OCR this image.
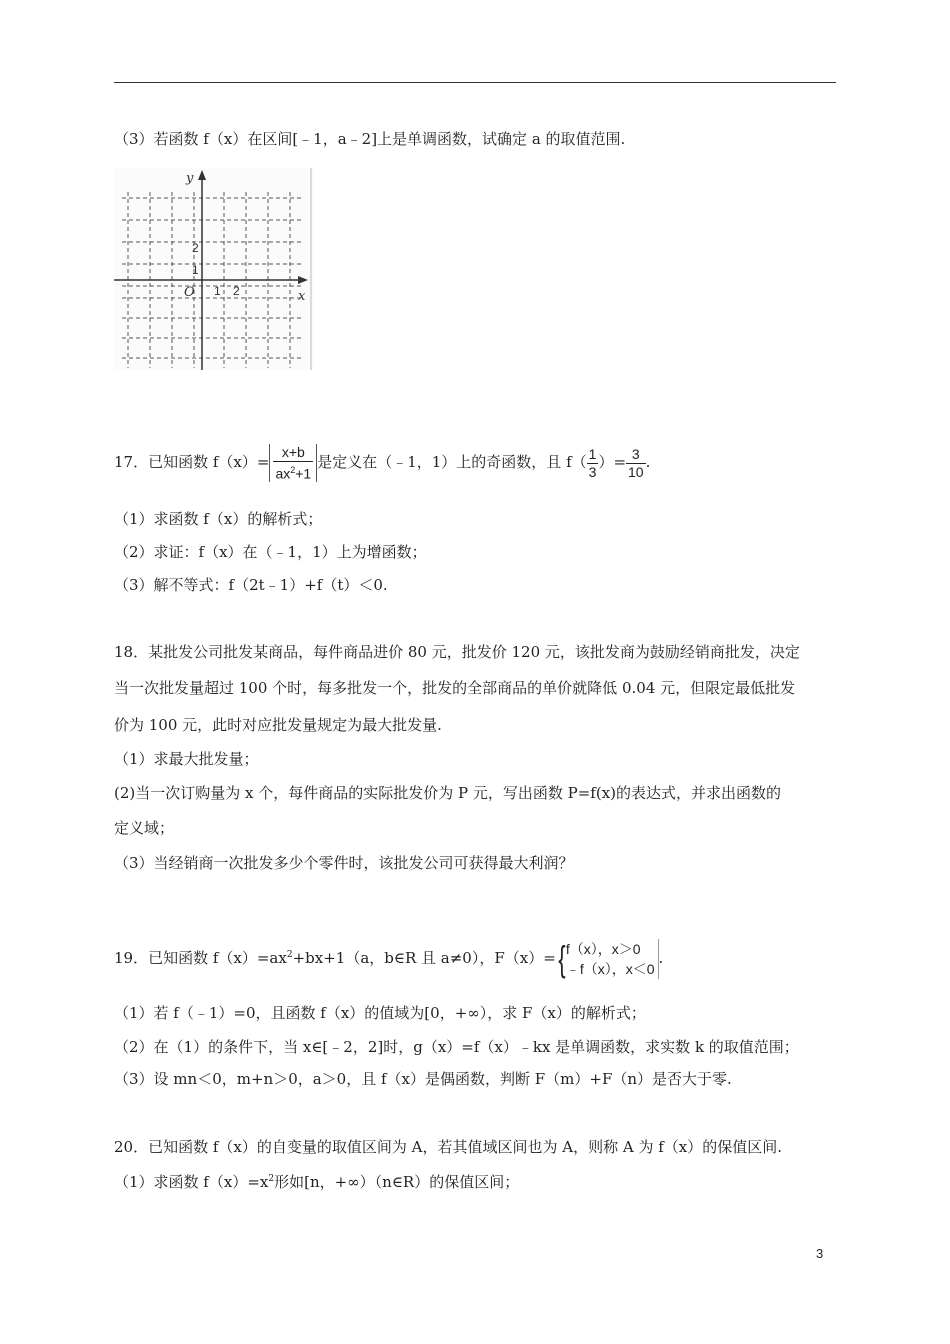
（3）若函数 f（x）在区间[﹣1，a﹣2]上是单调函数，试确定 a 的取值范围.
y
x
O 1 2
1
2
17．已知函数 $f(x)= \frac{x+b}{ax^2+1}$ 是定义在（﹣1，1）上的奇函数，且 $f( \frac{1}{3}$ ）= $\frac{3}{10}$ .
（1）求函数 f（x）的解析式；
（2）求证：f（x）在（﹣1，1）上为增函数；
（3）解不等式：f（2t﹣1）+f（t）＜0.
18．某批发公司批发某商品，每件商品进价 80 元，批发价 120 元，该批发商为鼓励经销商批发，决定
当一次批发量超过 100 个时，每多批发一个，批发的全部商品的单价就降低 0.04 元，但限定最低批发
价为 100 元，此时对应批发量规定为最大批发量.
（1）求最大批发量；
(2)当一次订购量为 x 个，每件商品的实际批发价为 P 元，写出函数 P=f(x)的表达式，并求出函数的
定义域；
（3）当经销商一次批发多少个零件时，该批发公司可获得最大利润？
19．已知函数 $f(x)=ax^2+bx+1(a$，b∈R 且 a≠0），F（x）={ f（x），x＞0
﹣f（x），x＜0
.
（1）若 f（﹣1）=0，且函数 f（x）的值域为[0，+∞），求 F（x）的解析式；
（2）在（1）的条件下，当 x∈[﹣2，2]时，g（x）=f（x）﹣kx 是单调函数，求实数 k 的取值范围；
（3）设 mn＜0，m+n＞0，a＞0，且 f（x）是偶函数，判断 F（m）+F（n）是否大于零.
20．已知函数 f（x）的自变量的取值区间为 A，若其值域区间也为 A，则称 A 为 f（x）的保值区间.
（1）求函数 $f(x)=x^2$形如[n，+∞）（n∈R）的保值区间；
3
